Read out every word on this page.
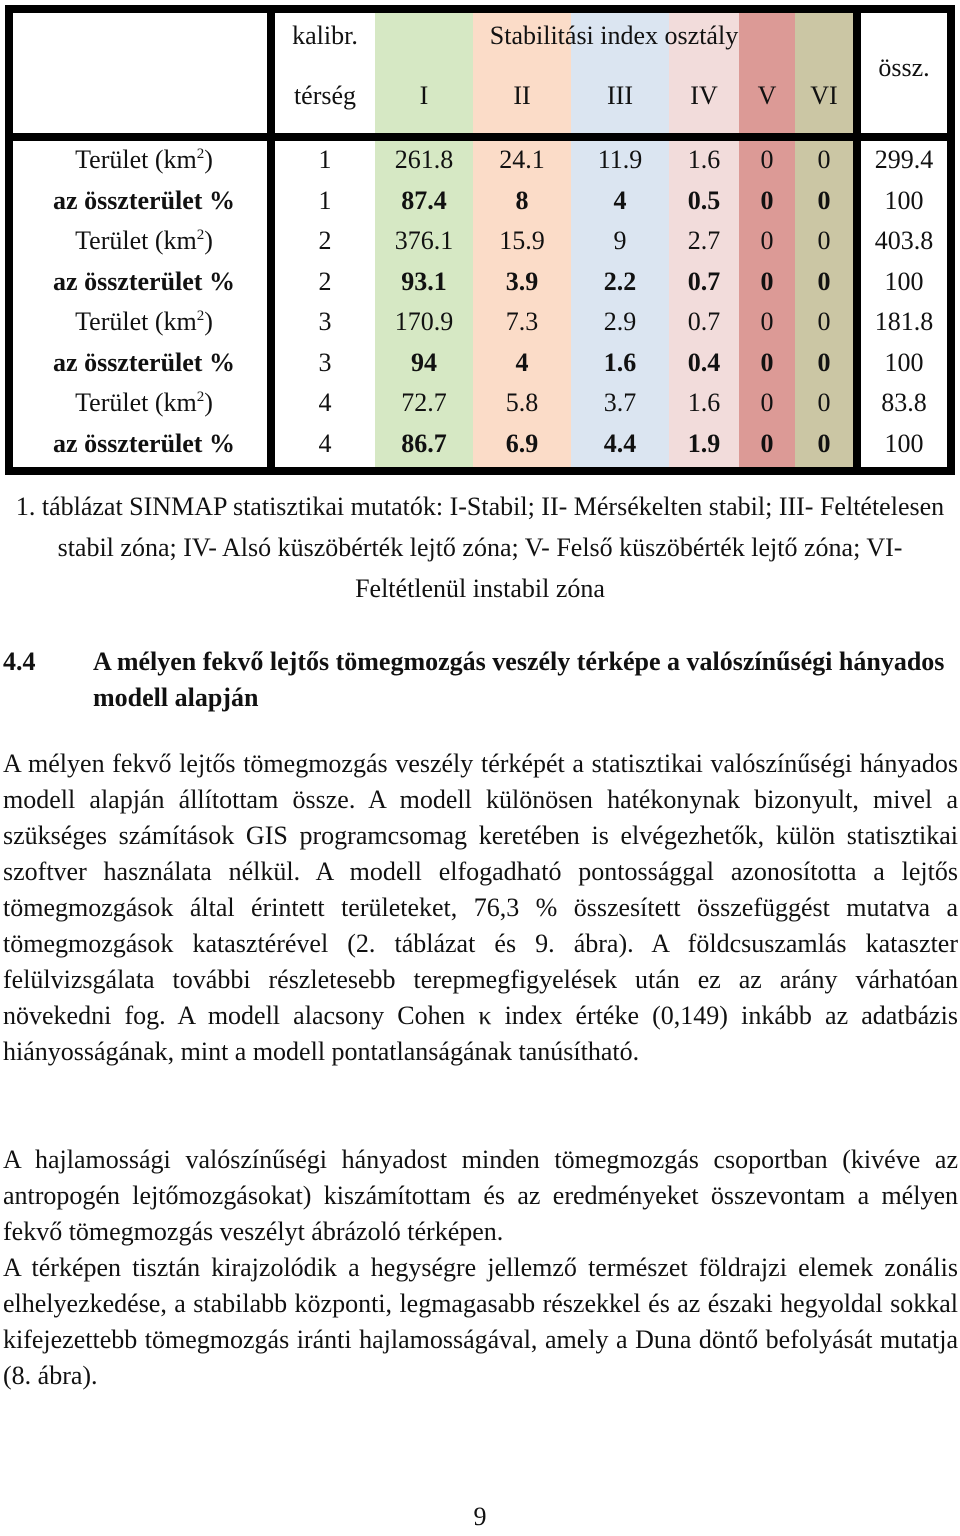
kalibr.
térség
Stabilitási index osztály
össz.
I	II	III	IV	V	VI
Terület $(km^2)$	1	261.8	24.1	11.9	1.6	0	0	299.4
az összterület %	1	87.4	8	4	0.5	0	0	100
Terület $(km^2)$	2	376.1	15.9	9	2.7	0	0	403.8
az összterület %	2	93.1	3.9	2.2	0.7	0	0	100
Terület $(km^2)$	3	170.9	7.3	2.9	0.7	0	0	181.8
az összterület %	3	94	4	1.6	0.4	0	0	100
Terület $(km^2)$	4	72.7	5.8	3.7	1.6	0	0	83.8
az összterület %	4	86.7	6.9	4.4	1.9	0	0	100
1. táblázat SINMAP statisztikai mutatók: I-Stabil; II- Mérsékelten stabil; III- Feltételesen stabil zóna; IV- Alsó küszöbérték lejtő zóna; V- Felső küszöbérték lejtő zóna; VI- Feltétlenül instabil zóna
4.4 A mélyen fekvő lejtős tömegmozgás veszély térképe a valószínűségi hányados modell alapján
A mélyen fekvő lejtős tömegmozgás veszély térképét a statisztikai valószínűségi hányados modell alapján állítottam össze. A modell különösen hatékonynak bizonyult, mivel a szükséges számítások GIS programcsomag keretében is elvégezhetők, külön statisztikai szoftver használata nélkül. A modell elfogadható pontossággal azonosította a lejtős tömegmozgások által érintett területeket, 76,3 % összesített összefüggést mutatva a tömegmozgások katasztérével (2. táblázat és 9. ábra). A földcsuszamlás kataszter felülvizsgálata további részletesebb terepmegfigyelések után ez az arány várhatóan növekedni fog. A modell alacsony Cohen κ index értéke (0,149) inkább az adatbázis hiányosságának, mint a modell pontatlanságának tanúsítható.
A hajlamossági valószínűségi hányadost minden tömegmozgás csoportban (kivéve az antropogén lejtőmozgásokat) kiszámítottam és az eredményeket összevontam a mélyen fekvő tömegmozgás veszélyt ábrázoló térképen.
A térképen tisztán kirajzolódik a hegységre jellemző természet földrajzi elemek zonális elhelyezkedése, a stabilabb központi, legmagasabb részekkel és az északi hegyoldal sokkal kifejezettebb tömegmozgás iránti hajlamosságával, amely a Duna döntő befolyását mutatja (8. ábra).
9
